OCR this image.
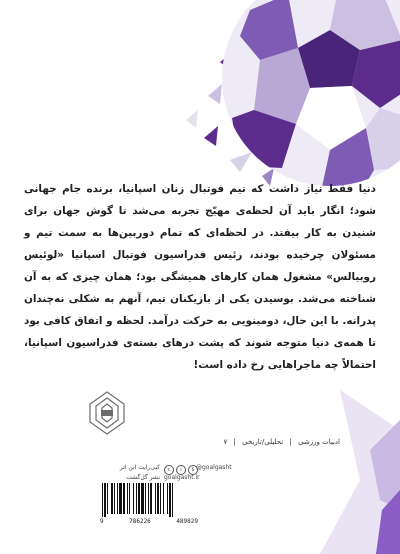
دنیا فقط نیاز داشت که تیم فوتبال زنان اسپانیا، برنده جام جهانی شود؛ انگار باید آن لحظه‌ی مهیّج تجربه می‌شد تا گوش جهان برای شنیدن به کار بیفتد. در لحظه‌ای که تمام دوربین‌ها به سمت تیم و مسئولان چرخیده بودند، رئیس فدراسیون فوتبال اسپانیا «لوئیس روبیالس» مشغول همان کارهای همیشگی بود؛ همان چیزی که به آن شناخته می‌شد. بوسیدن یکی از بازیکنان تیم، آنهم به شکلی نه‌چندان پدرانه. با این حال، دومینویی به حرکت درآمد. لحظه و اتفاق کافی بود تا همه‌ی دنیا متوجه شوند که پشت درهای بسته‌ی فدراسیون اسپانیا، احتمالاً چه ماجراهایی رخ داده است!

ادبیات ورزشی | تحلیلی/تاریخی | ۷
c	i	$
کپی‌رایت این اثر	@goalgasht
نشر گل‌گشت goalgasht.ir
9	786226	489829
